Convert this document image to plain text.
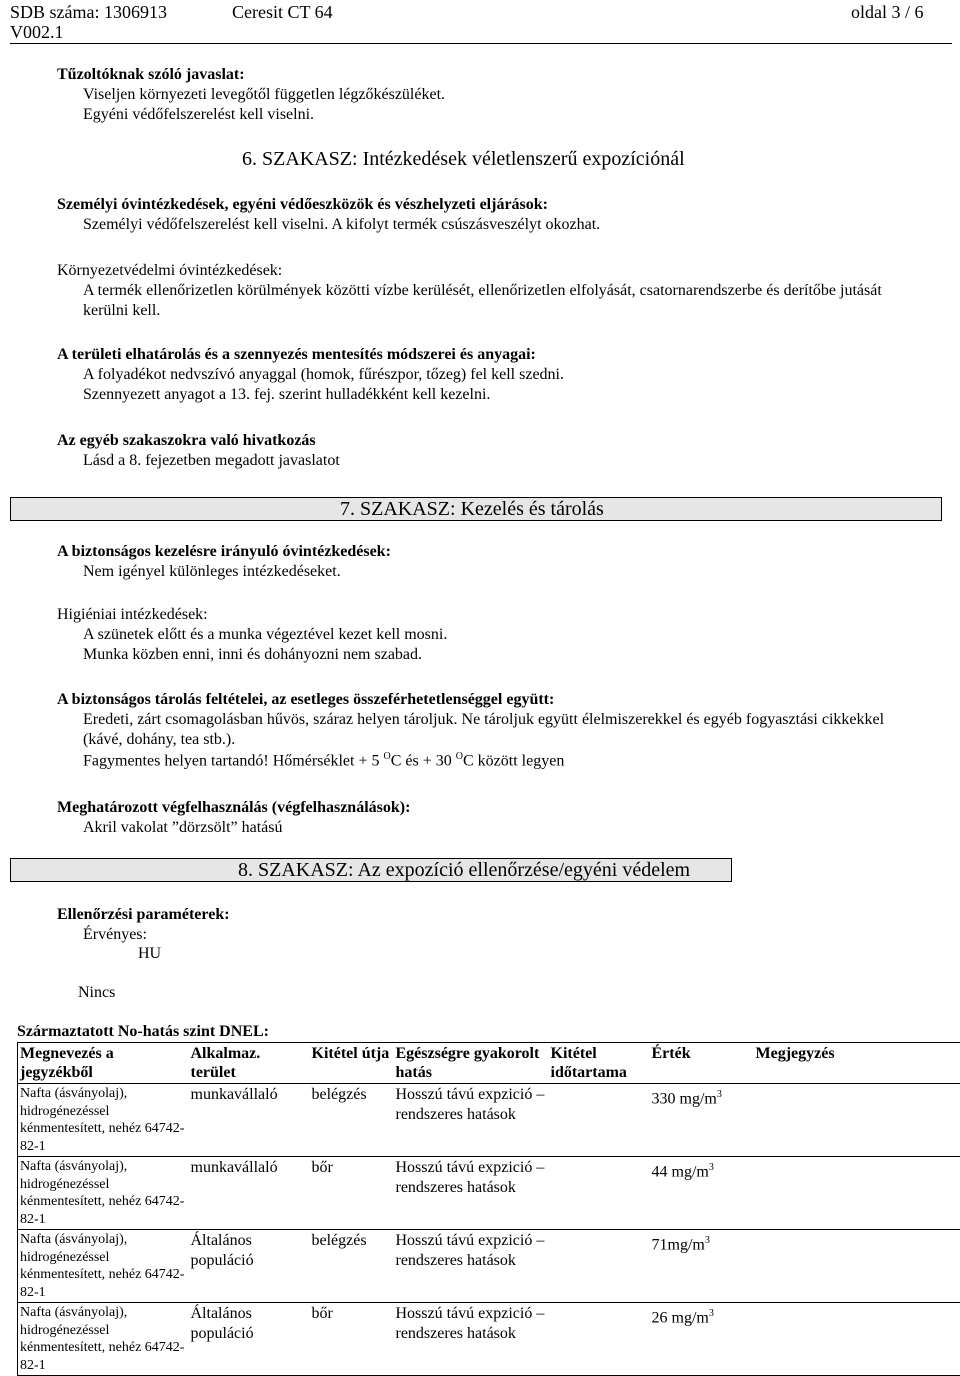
SDB száma: 1306913	Ceresit CT 64	oldal 3 / 6
V002.1
Tűzoltóknak szóló javaslat:
Viseljen környezeti levegőtől független légzőkészüléket.
Egyéni védőfelszerelést kell viselni.
6. SZAKASZ: Intézkedések véletlenszerű expozíciónál
Személyi óvintézkedések, egyéni védőeszközök és vészhelyzeti eljárások:
Személyi védőfelszerelést kell viselni. A kifolyt termék csúszásveszélyt okozhat.
Környezetvédelmi óvintézkedések:
A termék ellenőrizetlen körülmények közötti vízbe kerülését, ellenőrizetlen elfolyását, csatornarendszerbe és derítőbe jutását
kerülni kell.
A területi elhatárolás és a szennyezés mentesítés módszerei és anyagai:
A folyadékot nedvszívó anyaggal (homok, fűrészpor, tőzeg) fel kell szedni.
Szennyezett anyagot a 13. fej. szerint hulladékként kell kezelni.
Az egyéb szakaszokra való hivatkozás
Lásd a 8. fejezetben megadott javaslatot
7. SZAKASZ: Kezelés és tárolás
A biztonságos kezelésre irányuló óvintézkedések:
Nem igényel különleges intézkedéseket.
Higiéniai intézkedések:
A szünetek előtt és a munka végeztével kezet kell mosni.
Munka közben enni, inni és dohányozni nem szabad.
A biztonságos tárolás feltételei, az esetleges összeférhetetlenséggel együtt:
Eredeti, zárt csomagolásban hűvös, száraz helyen tároljuk. Ne tároljuk együtt élelmiszerekkel és egyéb fogyasztási cikkekkel
(kávé, dohány, tea stb.).
Fagymentes helyen tartandó! Hőmérséklet + 5 $^O$C és + 30 $^O$C között legyen
Meghatározott végfelhasználás (végfelhasználások):
Akril vakolat ”dörzsölt” hatású
8. SZAKASZ: Az expozíció ellenőrzése/egyéni védelem
Ellenőrzési paraméterek:
Érvényes:
HU
Nincs
Származtatott No-hatás szint DNEL:
Megnevezés a jegyzékből	Alkalmaz. terület	Kitétel útja	Egészségre gyakorolt hatás	Kitétel időtartama	Érték	Megjegyzés
Nafta (ásványolaj), hidrogénezéssel kénmentesített, nehéz 64742-82-1	munkavállaló	belégzés	Hosszú távú expzició – rendszeres hatások		330 $mg/m^3$	
Nafta (ásványolaj), hidrogénezéssel kénmentesített, nehéz 64742-82-1	munkavállaló	bőr	Hosszú távú expzició – rendszeres hatások		44 $mg/m^3$	
Nafta (ásványolaj), hidrogénezéssel kénmentesített, nehéz 64742-82-1	Általános populáció	belégzés	Hosszú távú expzició – rendszeres hatások		$71mg/m^3$	
Nafta (ásványolaj), hidrogénezéssel kénmentesített, nehéz 64742-82-1	Általános populáció	bőr	Hosszú távú expzició – rendszeres hatások		26 $mg/m^3$	
